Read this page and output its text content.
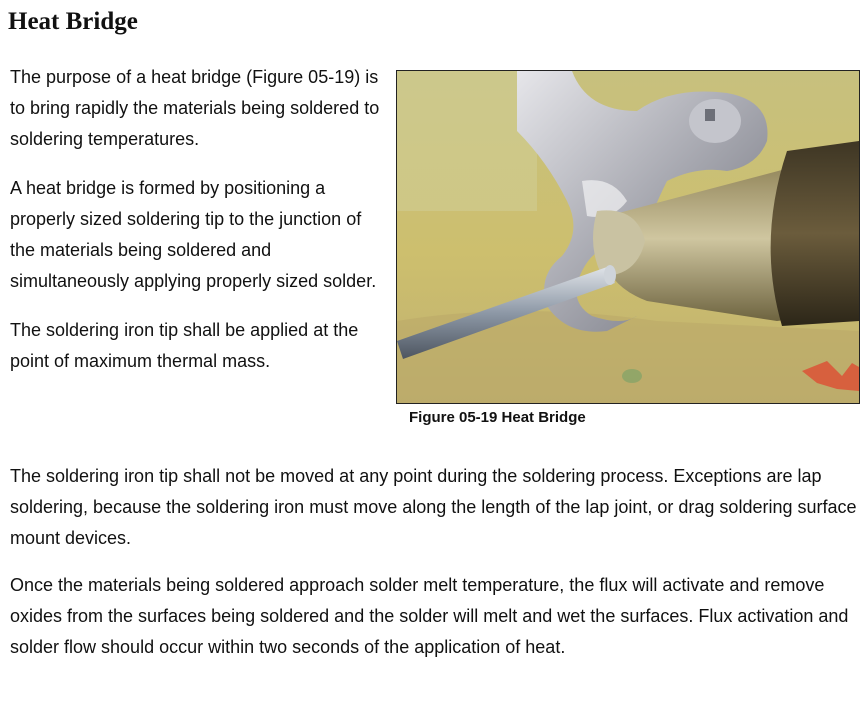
Heat Bridge

The purpose of a heat bridge (Figure 05-19) is to bring rapidly the materials being soldered to soldering temperatures.

A heat bridge is formed by positioning a properly sized soldering tip to the junction of the materials being soldered and simultaneously applying properly sized solder.

The soldering iron tip shall be applied at the point of maximum thermal mass.

Figure 05-19 Heat Bridge

The soldering iron tip shall not be moved at any point during the soldering process. Exceptions are lap soldering, because the soldering iron must move along the length of the lap joint, or drag soldering surface mount devices.

Once the materials being soldered approach solder melt temperature, the flux will activate and remove oxides from the surfaces being soldered and the solder will melt and wet the surfaces. Flux activation and solder flow should occur within two seconds of the application of heat.
